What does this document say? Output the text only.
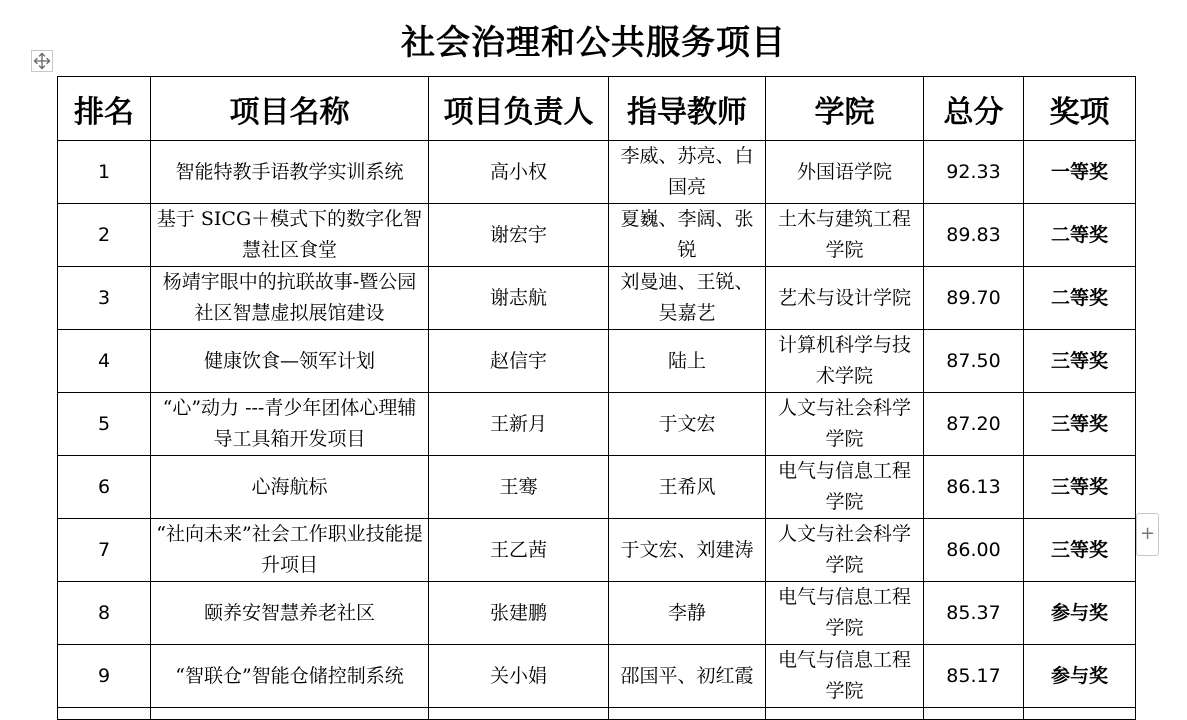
社会治理和公共服务项目
排名	项目名称	项目负责人	指导教师	学院	总分	奖项
1	智能特教手语教学实训系统	高小权	李威、苏亮、白国亮	外国语学院	92.33	一等奖
2	基于 SICG＋模式下的数字化智慧社区食堂	谢宏宇	夏巍、李阔、张锐	土木与建筑工程学院	89.83	二等奖
3	杨靖宇眼中的抗联故事-暨公园社区智慧虚拟展馆建设	谢志航	刘曼迪、王锐、吴嘉艺	艺术与设计学院	89.70	二等奖
4	健康饮食—领军计划	赵信宇	陆上	计算机科学与技术学院	87.50	三等奖
5	“心”动力 ---青少年团体心理辅导工具箱开发项目	王新月	于文宏	人文与社会科学学院	87.20	三等奖
6	心海航标	王骞	王希风	电气与信息工程学院	86.13	三等奖
7	“社向未来”社会工作职业技能提升项目	王乙茜	于文宏、刘建涛	人文与社会科学学院	86.00	三等奖
8	颐养安智慧养老社区	张建鹏	李静	电气与信息工程学院	85.37	参与奖
9	“智联仓”智能仓储控制系统	关小娟	邵国平、初红霞	电气与信息工程学院	85.17	参与奖

+
